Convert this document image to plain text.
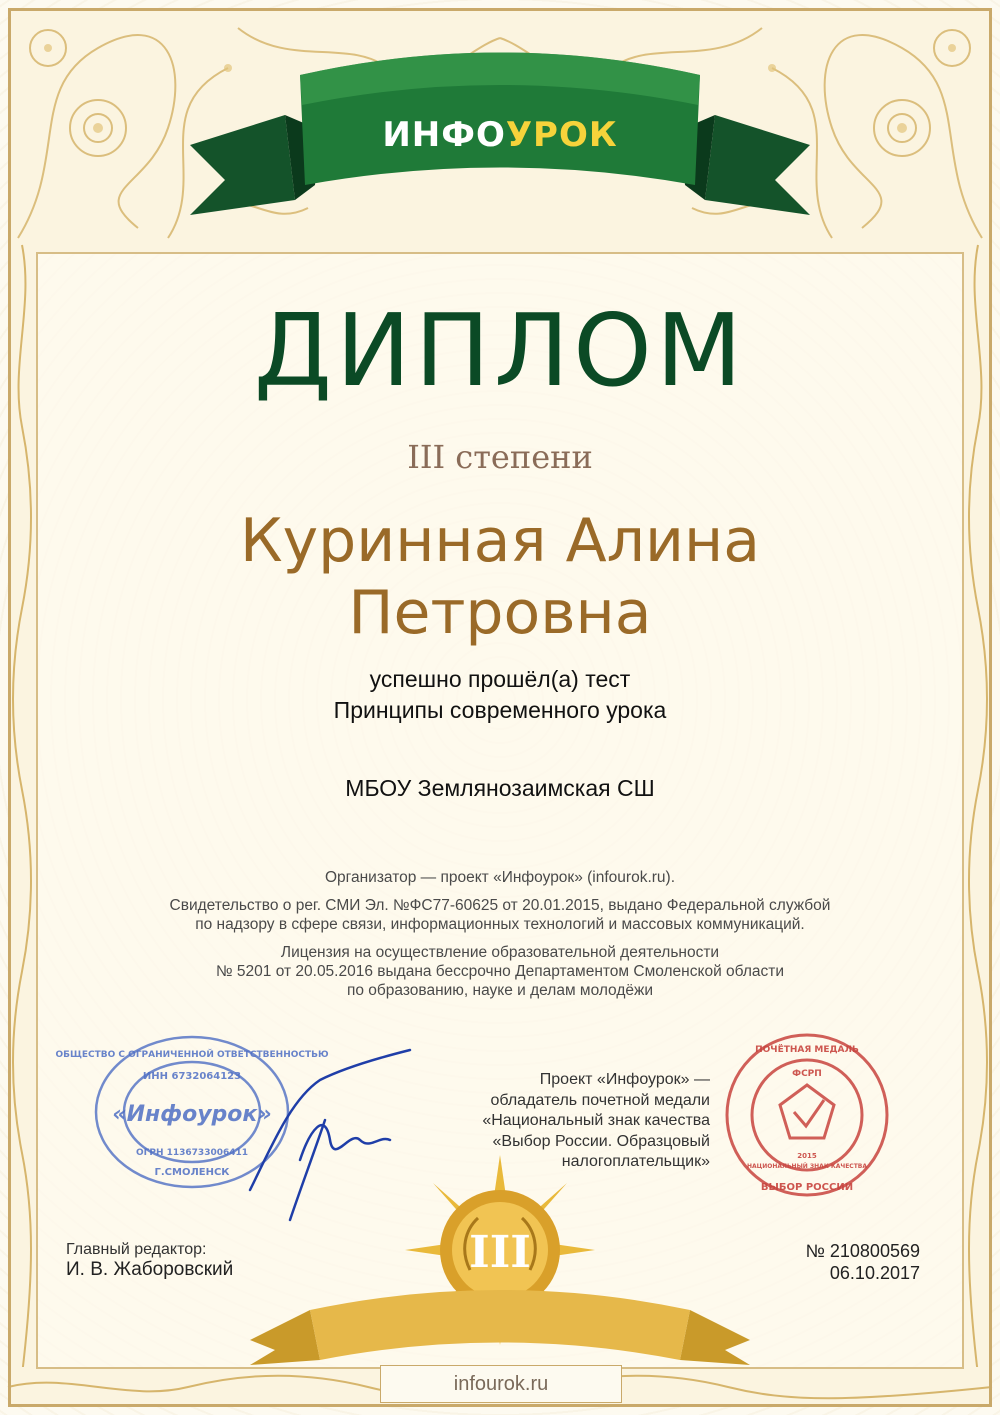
ИНФОУРОК
ДИПЛОМ
III степени
Куринная Алина
Петровна
успешно прошёл(а) тест
Принципы современного урока
МБОУ Землянозаимская СШ

Организатор — проект «Инфоурок» (infourok.ru).

Свидетельство о рег. СМИ Эл. №ФС77-60625 от 20.01.2015, выдано Федеральной службой
по надзору в сфере связи, информационных технологий и массовых коммуникаций.

Лицензия на осуществление образовательной деятельности
№ 5201 от 20.05.2016 выдана бессрочно Департаментом Смоленской области
по образованию, науке и делам молодёжи

«Инфоурок»
ОБЩЕСТВО С ОГРАНИЧЕННОЙ ОТВЕТСТВЕННОСТЬЮ
ИНН 6732064123
ОГРН 1136733006411
Г.СМОЛЕНСК
Проект «Инфоурок» —
обладатель почетной медали
«Национальный знак качества
«Выбор России. Образцовый
налогоплательщик»
ПОЧЁТНАЯ МЕДАЛЬ
ФСРП
2015
НАЦИОНАЛЬНЫЙ ЗНАК КАЧЕСТВА
ВЫБОР РОССИИ
III
Главный редактор:
И. В. Жаборовский
№ 210800569
06.10.2017
infourok.ru
